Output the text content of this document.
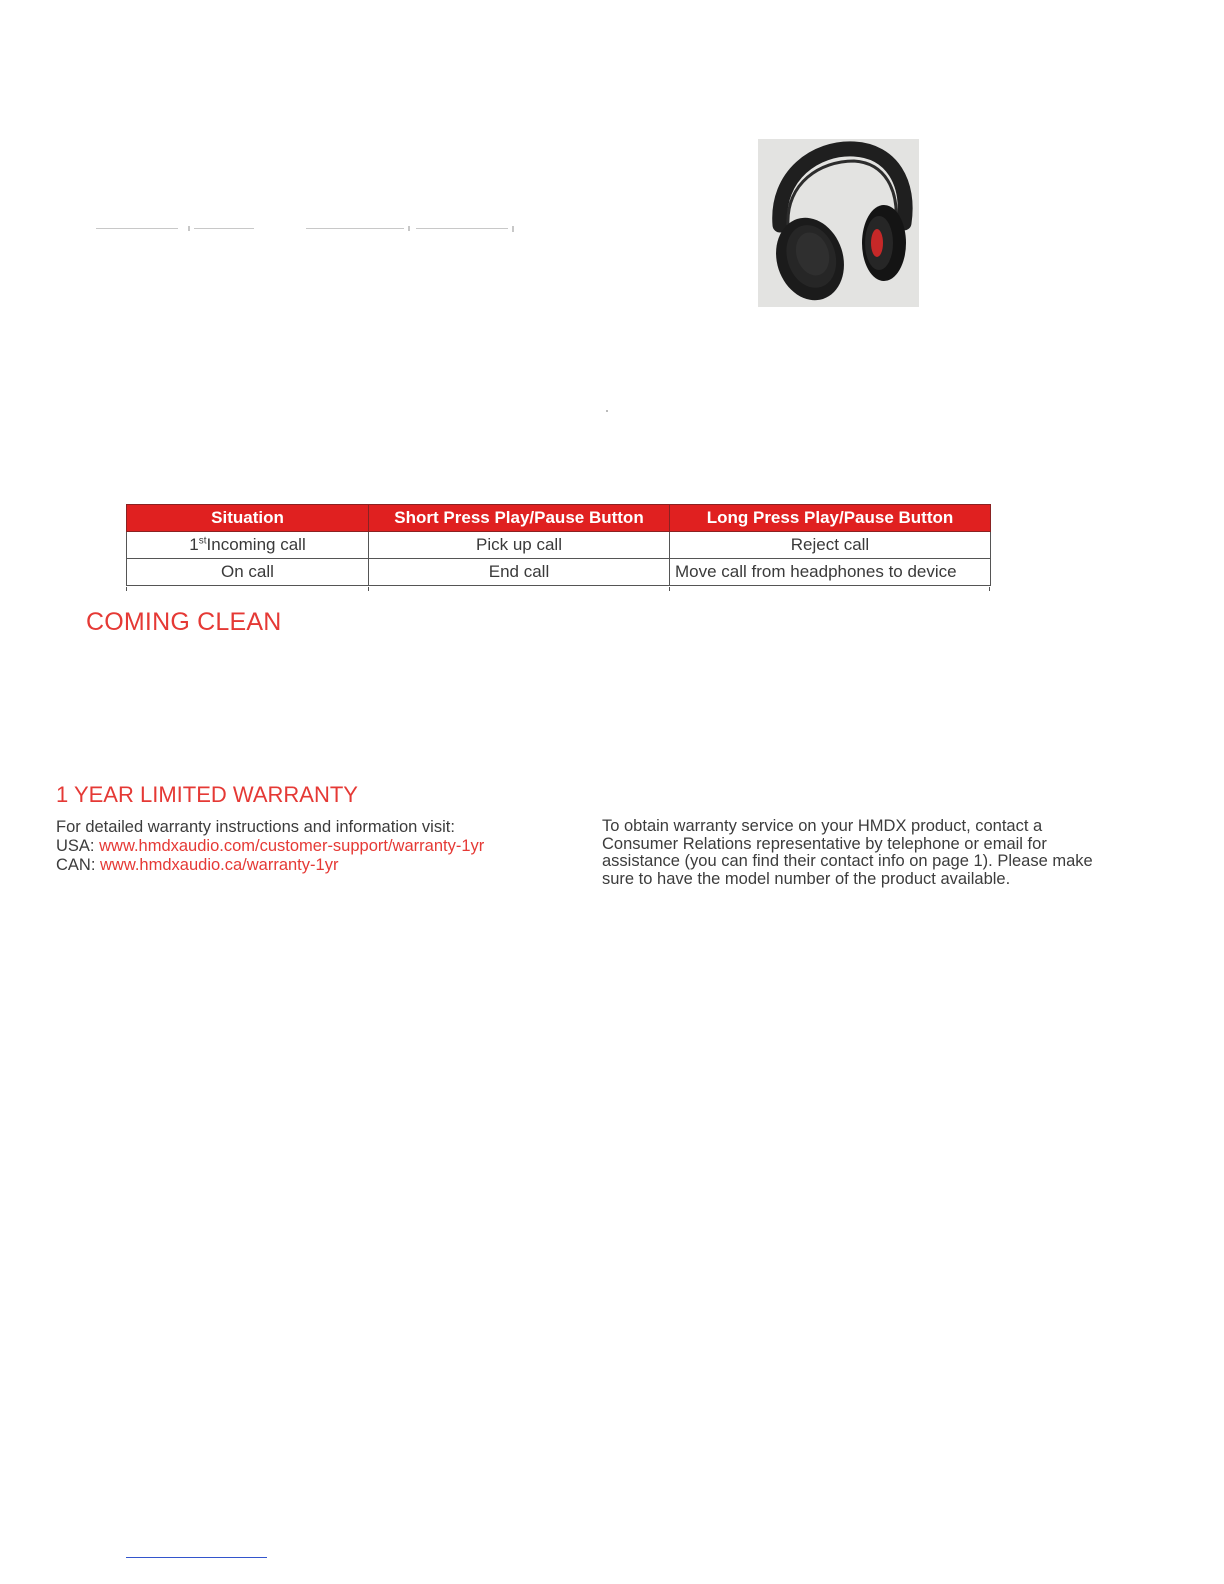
Situation	Short Press Play/Pause Button	Long Press Play/Pause Button
1stIncoming call	Pick up call	Reject call
On call	End call	Move call from headphones to device
COMING CLEAN
1 YEAR LIMITED WARRANTY
For detailed warranty instructions and information visit:
USA: www.hmdxaudio.com/customer-support/warranty-1yr
CAN: www.hmdxaudio.ca/warranty-1yr

To obtain warranty service on your HMDX product, contact a Consumer Relations representative by telephone or email for assistance (you can find their contact info on page 1). Please make sure to have the model number of the product available.
